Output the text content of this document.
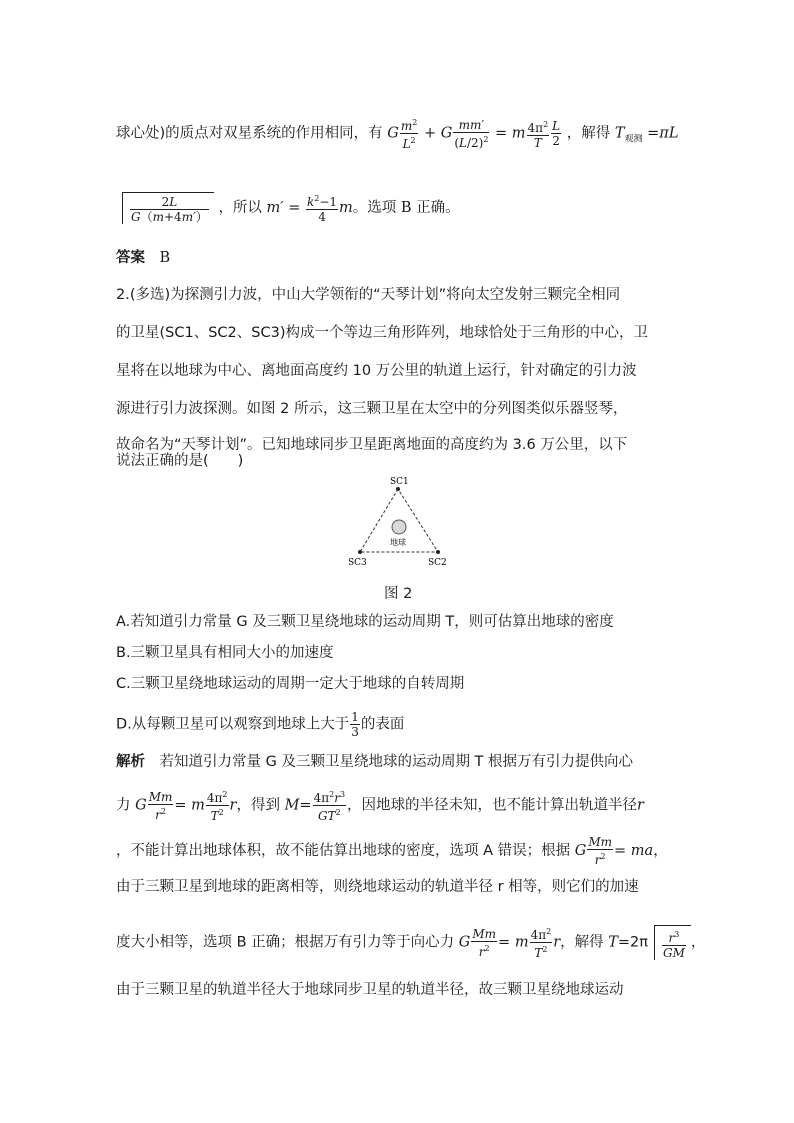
球心处)的质点对双星系统的作用相同，有 G $\frac{m^2}{L^2} + G \frac{mm'}{(L/2)^2} = m \frac{4\pi^2}{T} \frac{L}{2}$ ，解得 $T_{观测} =\pi L$
$\frac{2L}{G(m+4m')}$ ，所以 $m' = \frac{k^2-1}{4}$ m。选项 B 正确。
答案　 B
2.(多选)为探测引力波，中山大学领衔的“天琴计划”将向太空发射三颗完全相同
的卫星(SC1、SC2、SC3)构成一个等边三角形阵列，地球恰处于三角形的中心，卫
星将在以地球为中心、离地面高度约 10 万公里的轨道上运行，针对确定的引力波
源进行引力波探测。如图 2 所示，这三颗卫星在太空中的分列图类似乐器竖琴，
故命名为“天琴计划”。已知地球同步卫星距离地面的高度约为 3.6 万公里，以下
说法正确的是(　　)
SC1
SC2
SC3
地球
图 2
A.若知道引力常量 G 及三颗卫星绕地球的运动周期 T，则可估算出地球的密度
B.三颗卫星具有相同大小的加速度
C.三颗卫星绕地球运动的周期一定大于地球的自转周期
D.从每颗卫星可以观察到地球上大于 $\frac{1}{3}$ 的表面
解析　 若知道引力常量 G 及三颗卫星绕地球的运动周期 T 根据万有引力提供向心
力 G $\frac{Mm}{r^2} = m \frac{4\pi^2}{T^2}$ r，得到 $M= \frac{4\pi^2r^3}{GT^2}$ ，因地球的半径未知，也不能计算出轨道半径r
，不能计算出地球体积，故不能估算出地球的密度，选项 A 错误；根据 G $\frac{Mm}{r^2}$ = ma，
由于三颗卫星到地球的距离相等，则绕地球运动的轨道半径 r 相等，则它们的加速
度大小相等，选项 B 正确；根据万有引力等于向心力 G $\frac{Mm}{r^2} = m \frac{4\pi^2}{T^2}$ r，解得 $T=2\pi \frac{r^3}{GM}$ ，
由于三颗卫星的轨道半径大于地球同步卫星的轨道半径，故三颗卫星绕地球运动
